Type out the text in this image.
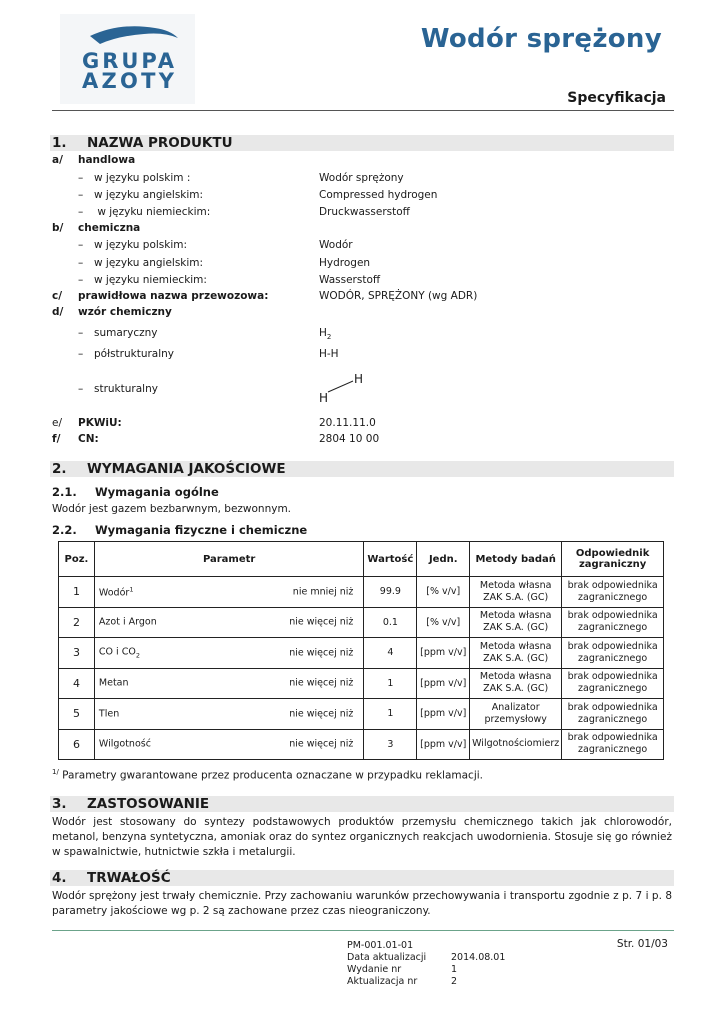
GRUPA
AZOTY
Wodór sprężony
Specyfikacja
1. NAZWA PRODUKTU
a/ handlowa
– w języku polskim :	Wodór sprężony
– w języku angielskim:	Compressed hydrogen
– w języku niemieckim:	Druckwasserstoff
b/ chemiczna
– w języku polskim:	Wodór
– w języku angielskim:	Hydrogen
– w języku niemieckim:	Wasserstoff
c/ prawidłowa nazwa przewozowa:	WODÓR, SPRĘŻONY (wg ADR)
d/ wzór chemiczny
– sumaryczny	$H_2$
– półstrukturalny	H-H
– strukturalny
H
H
e/ PKWiU:	20.11.11.0
f/ CN:	2804 10 00
2. WYMAGANIA JAKOŚCIOWE
2.1. Wymagania ogólne
Wodór jest gazem bezbarwnym, bezwonnym.
2.2. Wymagania fizyczne i chemiczne
Poz.	Parametr	Wartość	Jedn.	Metody badań	Odpowiednik zagraniczny
1	Wodór$^1$ nie mniej niż	99.9	[% v/v]	Metoda własna ZAK S.A. (GC)	brak odpowiednika zagranicznego
2	Azot i Argon nie więcej niż	0.1	[% v/v]	Metoda własna ZAK S.A. (GC)	brak odpowiednika zagranicznego
3	CO i $CO_2$ nie więcej niż	4	[ppm v/v]	Metoda własna ZAK S.A. (GC)	brak odpowiednika zagranicznego
4	Metan nie więcej niż	1	[ppm v/v]	Metoda własna ZAK S.A. (GC)	brak odpowiednika zagranicznego
5	Tlen nie więcej niż	1	[ppm v/v]	Analizator przemysłowy	brak odpowiednika zagranicznego
6	Wilgotność nie więcej niż	3	[ppm v/v]	Wilgotnościomierz	brak odpowiednika zagranicznego
$^{1/}$ Parametry gwarantowane przez producenta oznaczane w przypadku reklamacji.
3. ZASTOSOWANIE
Wodór jest stosowany do syntezy podstawowych produktów przemysłu chemicznego takich jak chlorowodór, metanol, benzyna syntetyczna, amoniak oraz do syntez organicznych reakcjach uwodornienia. Stosuje się go również w spawalnictwie, hutnictwie szkła i metalurgii.
4. TRWAŁOŚĆ
Wodór sprężony jest trwały chemicznie. Przy zachowaniu warunków przechowywania i transportu zgodnie z p. 7 i p. 8 parametry jakościowe wg p. 2 są zachowane przez czas nieograniczony.
PM-001.01-01
Data aktualizacji	2014.08.01
Wydanie nr	1
Aktualizacja nr	2
Str. 01/03
